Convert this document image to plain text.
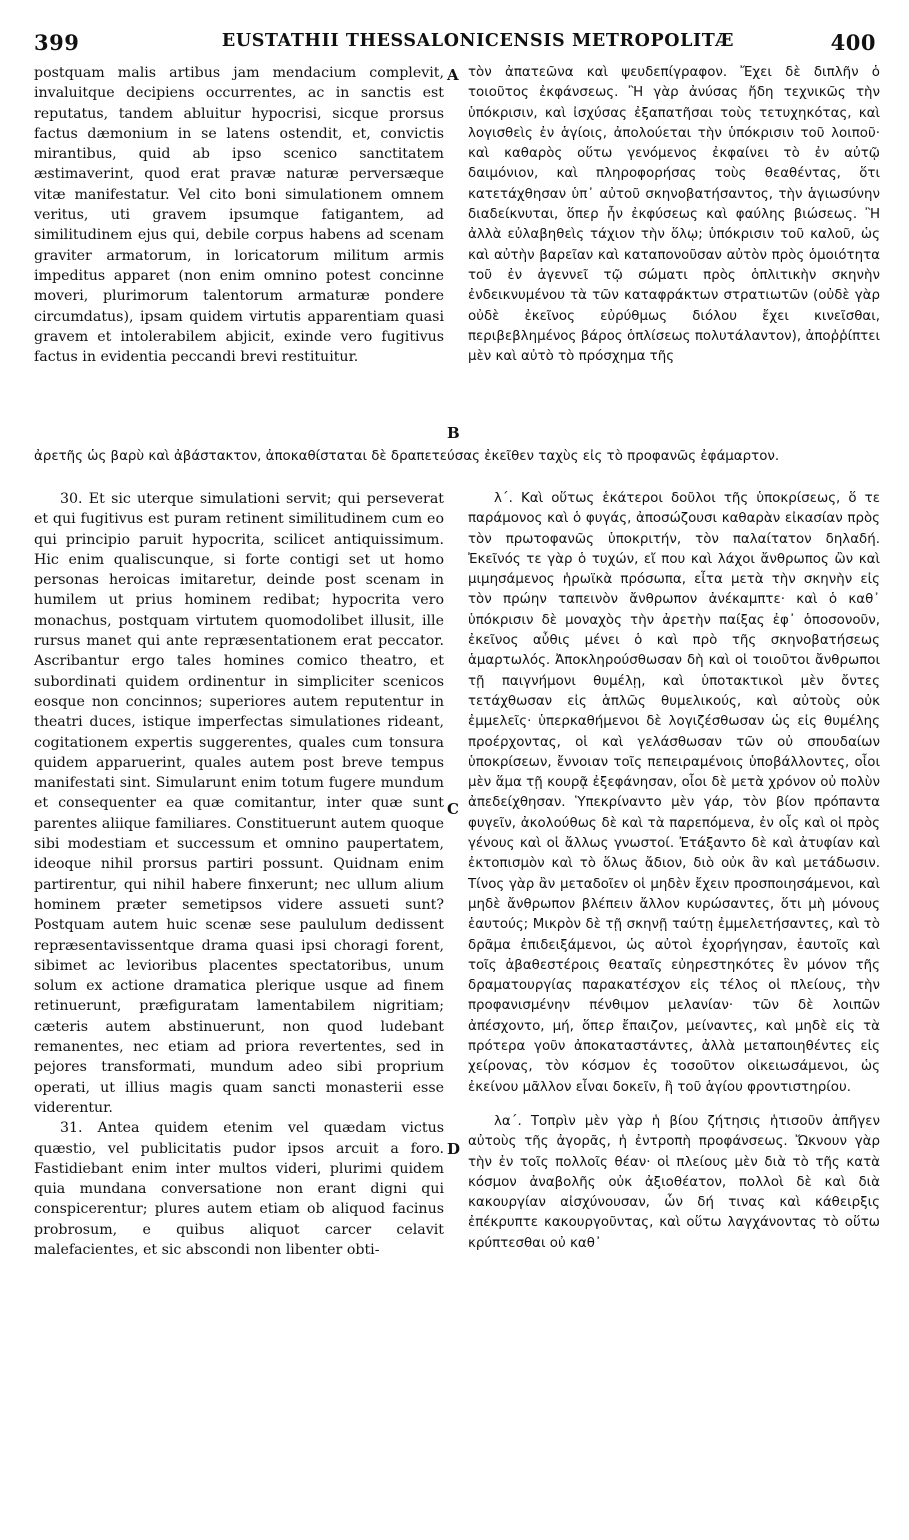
399	EUSTATHII THESSALONICENSIS METROPOLITÆ	400
A
B
C
D

postquam malis artibus jam mendacium complevit, invaluitque decipiens occurrentes, ac in sanctis est reputatus, tandem abluitur hypocrisi, sicque prorsus factus dæmonium in se latens ostendit, et, convictis mirantibus, quid ab ipso scenico sanctitatem æstimaverint, quod erat pravæ naturæ perversæque vitæ manifestatur. Vel cito boni simulationem omnem veritus, uti gravem ipsumque fatigantem, ad similitudinem ejus qui, debile corpus habens ad scenam graviter armatorum, in loricatorum militum armis impeditus apparet (non enim omnino potest concinne moveri, plurimorum talentorum armaturæ pondere circumdatus), ipsam quidem virtutis apparentiam quasi gravem et intolerabilem abjicit, exinde vero fugitivus factus in evidentia peccandi brevi restituitur.

τὸν ἀπατεῶνα καὶ ψευδεπίγραφον. Ἔχει δὲ διπλῆν ὁ τοιοῦτος ἐκφάνσεως. Ἢ γὰρ ἀνύσας ἤδη τεχνικῶς τὴν ὑπόκρισιν, καὶ ἰσχύσας ἐξαπατῆσαι τοὺς τετυχηκότας, καὶ λογισθεὶς ἐν ἁγίοις, ἀπολούεται τὴν ὑπόκρισιν τοῦ λοιποῦ· καὶ καθαρὸς οὕτω γενόμενος ἐκφαίνει τὸ ἐν αὐτῷ δαιμόνιον, καὶ πληροφορήσας τοὺς θεαθέντας, ὅτι κατετάχθησαν ὑπ᾽ αὐτοῦ σκηνοβατήσαντος, τὴν ἁγιωσύνην διαδείκνυται, ὅπερ ἦν ἐκφύσεως καὶ φαύλης βιώσεως. Ἢ ἀλλὰ εὐλαβηθεὶς τάχιον τὴν ὅλῳ; ὑπόκρισιν τοῦ καλοῦ, ὡς καὶ αὐτὴν βαρεῖαν καὶ καταπονοῦσαν αὐτὸν πρὸς ὁμοιότητα τοῦ ἐν ἀγεννεῖ τῷ σώματι πρὸς ὁπλιτικὴν σκηνὴν ἐνδεικνυμένου τὰ τῶν καταφράκτων στρατιωτῶν (οὐδὲ γὰρ οὐδὲ ἐκεῖνος εὐρύθμως διόλου ἔχει κινεῖσθαι, περιβεβλημένος βάρος ὁπλίσεως πολυτάλαντον), ἀποῤῥίπτει μὲν καὶ αὐτὸ τὸ πρόσχημα τῆς

ἀρετῆς ὡς βαρὺ καὶ ἀβάστακτον, ἀποκαθίσταται δὲ δραπετεύσας ἐκεῖθεν ταχὺς εἰς τὸ προφανῶς ἐφάμαρτον.

30. Et sic uterque simulationi servit; qui perseverat et qui fugitivus est puram retinent similitudinem cum eo qui principio paruit hypocrita, scilicet antiquissimum. Hic enim qualiscunque, si forte contigi set ut homo personas heroicas imitaretur, deinde post scenam in humilem ut prius hominem redibat; hypocrita vero monachus, postquam virtutem quomodolibet illusit, ille rursus manet qui ante repræsentationem erat peccator. Ascribantur ergo tales homines comico theatro, et subordinati quidem ordinentur in simpliciter scenicos eosque non concinnos; superiores autem reputentur in theatri duces, istique imperfectas simulationes rideant, cogitationem expertis suggerentes, quales cum tonsura quidem apparuerint, quales autem post breve tempus manifestati sint. Simularunt enim totum fugere mundum et consequenter ea quæ comitantur, inter quæ sunt parentes aliique familiares. Constituerunt autem quoque sibi modestiam et successum et omnino paupertatem, ideoque nihil prorsus partiri possunt. Quidnam enim partirentur, qui nihil habere finxerunt; nec ullum alium hominem præter semetipsos videre assueti sunt? Postquam autem huic scenæ sese paululum dedissent repræsentavissentque drama quasi ipsi choragi forent, sibimet ac levioribus placentes spectatoribus, unum solum ex actione dramatica plerique usque ad finem retinuerunt, præfiguratam lamentabilem nigritiam; cæteris autem abstinuerunt, non quod ludebant remanentes, nec etiam ad priora revertentes, sed in pejores transformati, mundum adeo sibi proprium operati, ut illius magis quam sancti monasterii esse viderentur.

31. Antea quidem etenim vel quædam victus quæstio, vel publicitatis pudor ipsos arcuit a foro. Fastidiebant enim inter multos videri, plurimi quidem quia mundana conversatione non erant digni qui conspicerentur; plures autem etiam ob aliquod facinus probrosum, e quibus aliquot carcer celavit malefacientes, et sic abscondi non libenter obti-

λ΄. Καὶ οὕτως ἑκάτεροι δοῦλοι τῆς ὑποκρίσεως, ὅ τε παράμονος καὶ ὁ φυγάς, ἀποσώζουσι καθαρὰν εἰκασίαν πρὸς τὸν πρωτοφανῶς ὑποκριτήν, τὸν παλαίτατον δηλαδή. Ἐκεῖνός τε γὰρ ὁ τυχών, εἴ που καὶ λάχοι ἄνθρωπος ὢν καὶ μιμησάμενος ἡρωϊκὰ πρόσωπα, εἶτα μετὰ τὴν σκηνὴν εἰς τὸν πρώην ταπεινὸν ἄνθρωπον ἀνέκαμπτε· καὶ ὁ καθ᾽ ὑπόκρισιν δὲ μοναχὸς τὴν ἀρετὴν παίξας ἐφ᾽ ὁποσονοῦν, ἐκεῖνος αὖθις μένει ὁ καὶ πρὸ τῆς σκηνοβατήσεως ἁμαρτωλός. Ἀποκληρούσθωσαν δὴ καὶ οἱ τοιοῦτοι ἄνθρωποι τῇ παιγνήμονι θυμέλῃ, καὶ ὑποτακτικοὶ μὲν ὄντες τετάχθωσαν εἰς ἁπλῶς θυμελικούς, καὶ αὐτοὺς οὐκ ἐμμελεῖς· ὑπερκαθήμενοι δὲ λογιζέσθωσαν ὡς εἰς θυμέλης προέρχοντας, οἱ καὶ γελάσθωσαν τῶν οὐ σπουδαίων ὑποκρίσεων, ἔννοιαν τοῖς πεπειραμένοις ὑποβάλλοντες, οἷοι μὲν ἅμα τῇ κουρᾷ ἐξεφάνησαν, οἷοι δὲ μετὰ χρόνον οὐ πολὺν ἀπεδείχθησαν. Ὑπεκρίναντο μὲν γάρ, τὸν βίον πρόπαντα φυγεῖν, ἀκολούθως δὲ καὶ τὰ παρεπόμενα, ἐν οἷς καὶ οἱ πρὸς γένους καὶ οἱ ἄλλως γνωστοί. Ἐτάξαντο δὲ καὶ ἀτυφίαν καὶ ἐκτοπισμὸν καὶ τὸ ὅλως ἄδιον, διὸ οὐκ ἂν καὶ μετάδωσιν. Τίνος γὰρ ἂν μεταδοῖεν οἱ μηδὲν ἔχειν προσποιησάμενοι, καὶ μηδὲ ἄνθρωπον βλέπειν ἄλλον κυρώσαντες, ὅτι μὴ μόνους ἑαυτούς; Μικρὸν δὲ τῇ σκηνῇ ταύτῃ ἐμμελετήσαντες, καὶ τὸ δρᾶμα ἐπιδειξάμενοι, ὡς αὐτοὶ ἐχορήγησαν, ἑαυτοῖς καὶ τοῖς ἀβαθεστέροις θεαταῖς εὐηρεστηκότες ἓν μόνον τῆς δραματουργίας παρακατέσχον εἰς τέλος οἱ πλείους, τὴν προφανισμένην πένθιμον μελανίαν· τῶν δὲ λοιπῶν ἀπέσχοντο, μή, ὅπερ ἔπαιζον, μείναντες, καὶ μηδὲ εἰς τὰ πρότερα γοῦν ἀποκαταστάντες, ἀλλὰ μεταποιηθέντες εἰς χείρονας, τὸν κόσμον ἐς τοσοῦτον οἰκειωσάμενοι, ὡς ἐκείνου μᾶλλον εἶναι δοκεῖν, ἢ τοῦ ἁγίου φροντιστηρίου.

λα΄. Τοπρὶν μὲν γὰρ ἡ βίου ζήτησις ἡτισοῦν ἀπῆγεν αὐτοὺς τῆς ἀγορᾶς, ἡ ἐντροπὴ προφάνσεως. Ὤκνουν γὰρ τὴν ἐν τοῖς πολλοῖς θέαν· οἱ πλείους μὲν διὰ τὸ τῆς κατὰ κόσμον ἀναβολῆς οὐκ ἀξιοθέατον, πολλοὶ δὲ καὶ διὰ κακουργίαν αἰσχύνουσαν, ὧν δή τινας καὶ κάθειρξις ἐπέκρυπτε κακουργοῦντας, καὶ οὕτω λαγχάνοντας τὸ οὕτω κρύπτεσθαι οὐ καθ᾽
